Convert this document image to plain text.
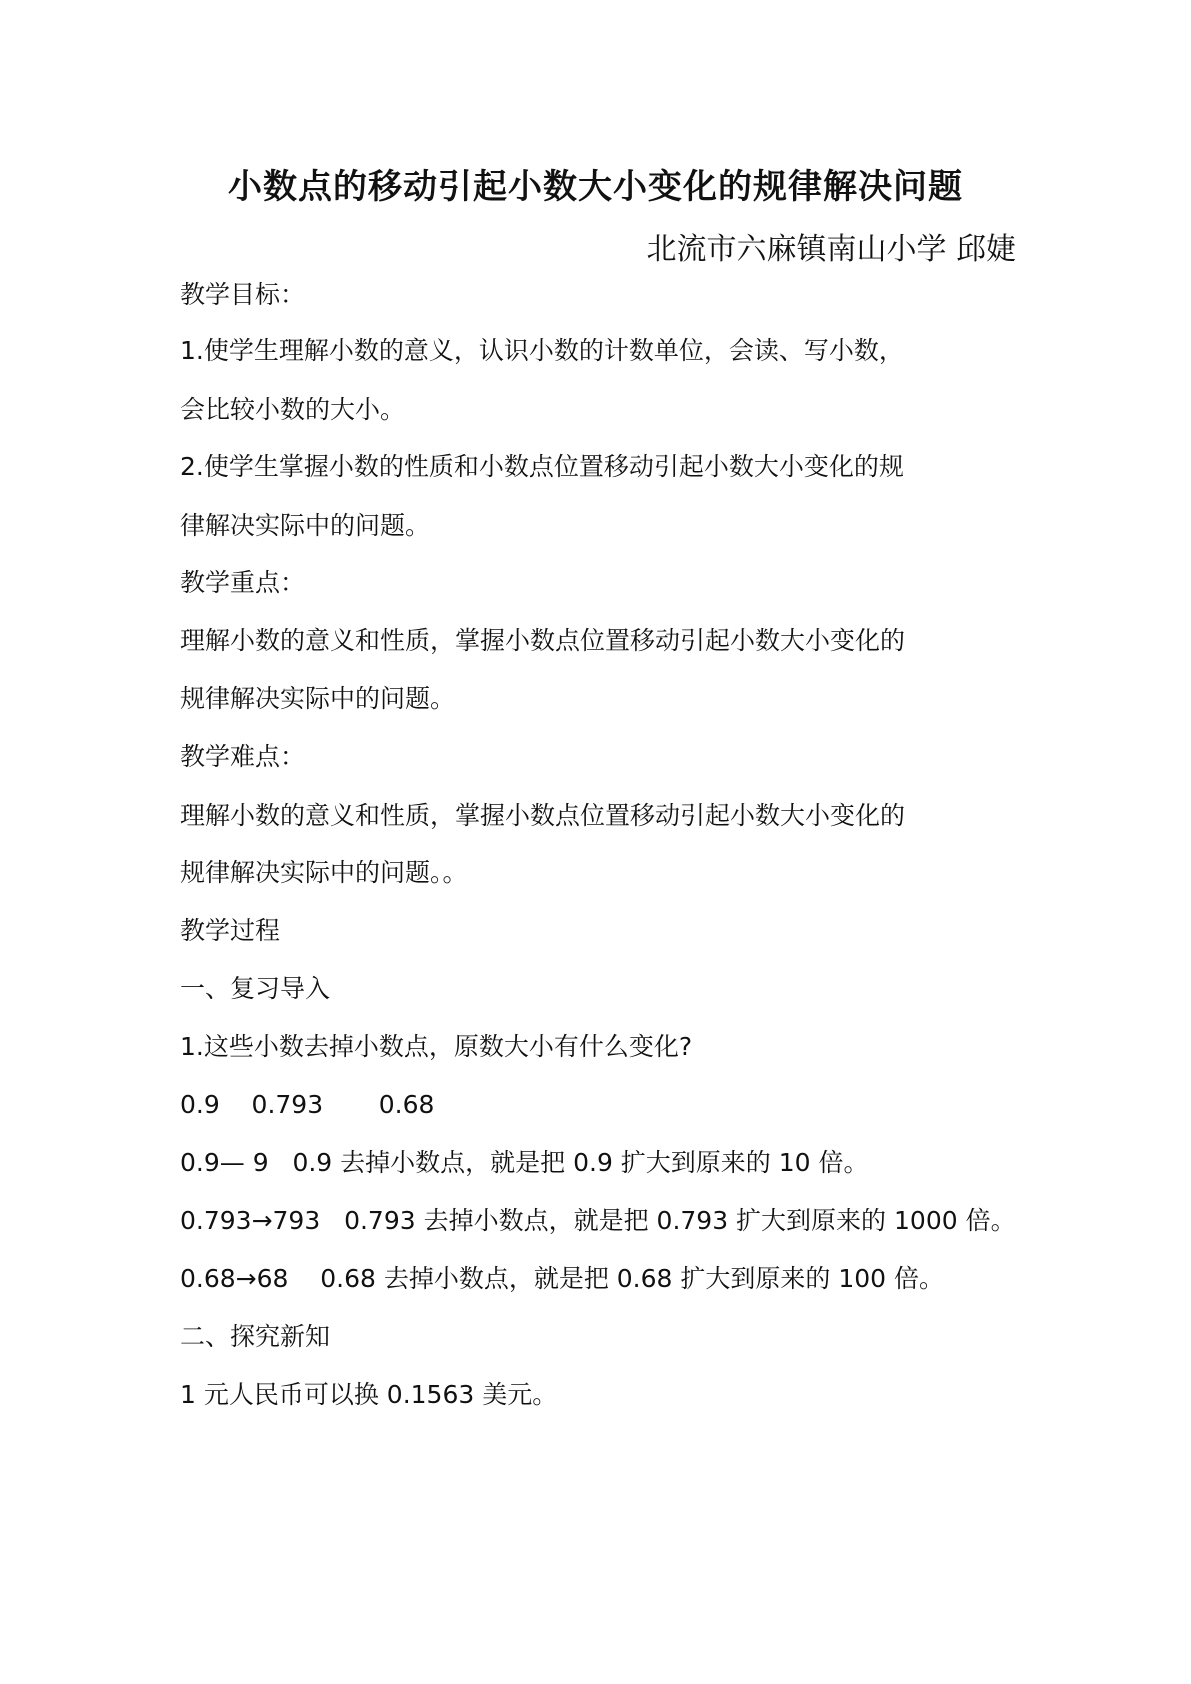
小数点的移动引起小数大小变化的规律解决问题
北流市六麻镇南山小学 邱婕
教学目标：
1.使学生理解小数的意义，认识小数的计数单位，会读、写小数，
会比较小数的大小。
2.使学生掌握小数的性质和小数点位置移动引起小数大小变化的规
律解决实际中的问题。
教学重点：
理解小数的意义和性质，掌握小数点位置移动引起小数大小变化的
规律解决实际中的问题。
教学难点：
理解小数的意义和性质，掌握小数点位置移动引起小数大小变化的
规律解决实际中的问题。。
教学过程
一、复习导入
1.这些小数去掉小数点，原数大小有什么变化?
0.9    0.793       0.68
0.9— 9   0.9 去掉小数点，就是把 0.9 扩大到原来的 10 倍。
0.793→793   0.793 去掉小数点，就是把 0.793 扩大到原来的 1000 倍。
0.68→68    0.68 去掉小数点，就是把 0.68 扩大到原来的 100 倍。
二、探究新知
1 元人民币可以换 0.1563 美元。
